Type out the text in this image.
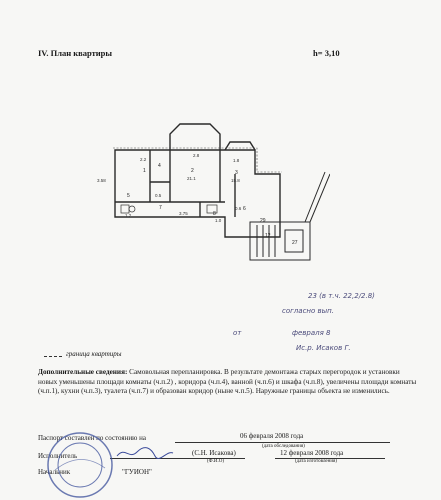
IV. План квартиры	h= 3,10
2.2
1
2.8
2
21.1
1.8
3
15.8
3.58
5	0.5
7
3.75	8
1.0	29
27
0.6 6
1.2
4
12
23 (в т.ч. 22,2/2.8)
согласно вып.
от	февраля 8
Ис.р. Исаков Г.
граница квартиры
Дополнительные сведения: Самовольная перепланировка. В результате демонтажа старых перегородок и установки новых уменьшены площади комнаты (ч.п.2) , коридора (ч.п.4), ванной (ч.п.6) и шкафа (ч.п.8), увеличены площади комнаты (ч.п.1), кухни (ч.п.3), туалета (ч.п.7) и образован коридор (ныне ч.п.5). Наружные границы объекта не изменились.
Паспорт составлен по состоянию на	06 февраля 2008 года
(дата обследования)
Исполнитель	(С.Н. Исакова)
(Ф.И.О)
12 февраля 2008 года
(дата изготовления)
Начальник	"ГУИОН"
